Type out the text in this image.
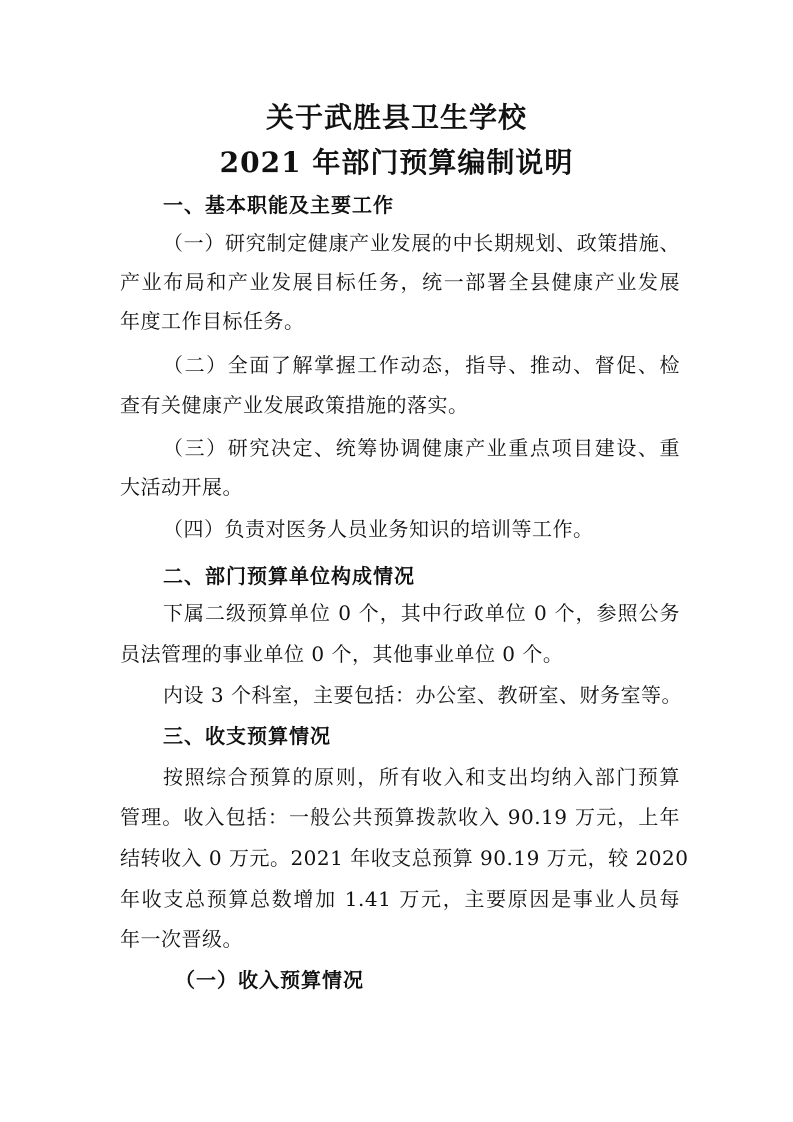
关于武胜县卫生学校
2021 年部门预算编制说明
一、基本职能及主要工作
（一）研究制定健康产业发展的中长期规划、政策措施、
产业布局和产业发展目标任务，统一部署全县健康产业发展
年度工作目标任务。
（二）全面了解掌握工作动态，指导、推动、督促、检
查有关健康产业发展政策措施的落实。
（三）研究决定、统筹协调健康产业重点项目建设、重
大活动开展。
（四）负责对医务人员业务知识的培训等工作。
二、部门预算单位构成情况
下属二级预算单位 0 个，其中行政单位 0 个，参照公务
员法管理的事业单位 0 个，其他事业单位 0 个。
内设 3 个科室，主要包括：办公室、教研室、财务室等。
三、收支预算情况
按照综合预算的原则，所有收入和支出均纳入部门预算
管理。收入包括：一般公共预算拨款收入 90.19 万元，上年
结转收入 0 万元。2021 年收支总预算 90.19 万元，较 2020
年收支总预算总数增加 1.41 万元，主要原因是事业人员每
年一次晋级。
（一）收入预算情况
